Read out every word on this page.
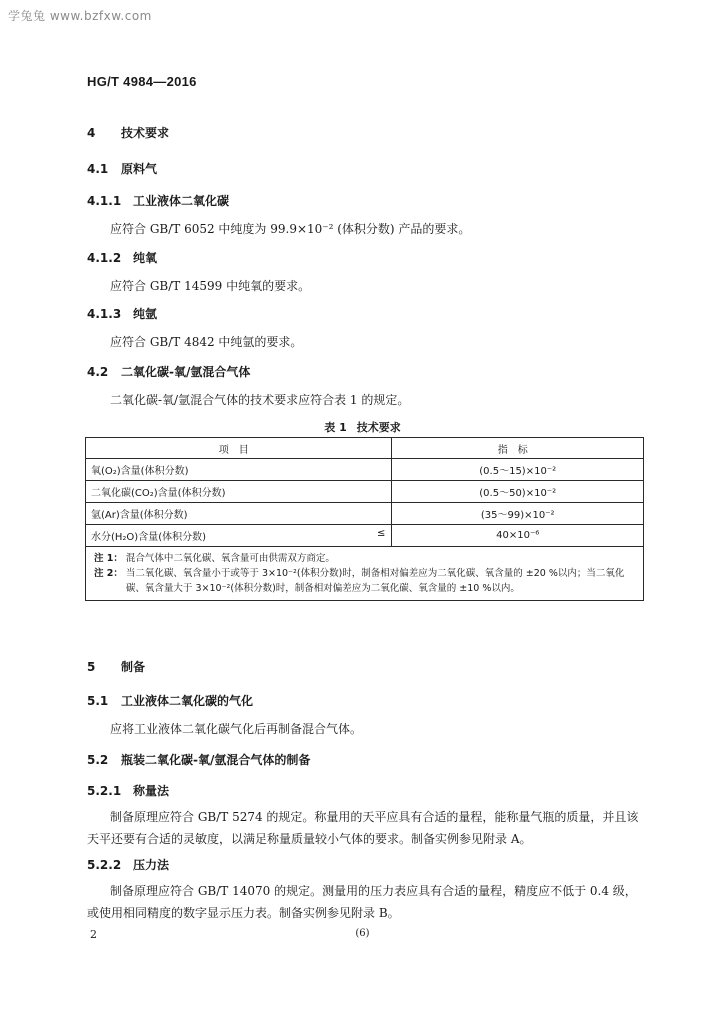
学兔兔 www.bzfxw.com
HG/T 4984—2016
4 技术要求
4.1 原料气
4.1.1 工业液体二氧化碳
应符合 GB/T 6052 中纯度为 99.9×10⁻² (体积分数) 产品的要求。
4.1.2 纯氧
应符合 GB/T 14599 中纯氧的要求。
4.1.3 纯氩
应符合 GB/T 4842 中纯氩的要求。
4.2 二氧化碳-氧/氩混合气体
二氧化碳-氧/氩混合气体的技术要求应符合表 1 的规定。
表 1 技术要求
项目	指标
氧(O₂)含量(体积分数)	(0.5～15)×10⁻²
二氧化碳(CO₂)含量(体积分数)	(0.5～50)×10⁻²
氩(Ar)含量(体积分数)	(35～99)×10⁻²
水分(H₂O)含量(体积分数) ≤	40×10⁻⁶

注 1： 混合气体中二氧化碳、氧含量可由供需双方商定。
注 2： 当二氧化碳、氧含量小于或等于 3×10⁻²(体积分数)时，制备相对偏差应为二氧化碳、氧含量的 ±20 %以内；当二氧化碳、氧含量大于 3×10⁻²(体积分数)时，制备相对偏差应为二氧化碳、氧含量的 ±10 %以内。	
5 制备
5.1 工业液体二氧化碳的气化
应将工业液体二氧化碳气化后再制备混合气体。
5.2 瓶装二氧化碳-氧/氩混合气体的制备
5.2.1 称量法
制备原理应符合 GB/T 5274 的规定。称量用的天平应具有合适的量程，能称量气瓶的质量，并且该天平还要有合适的灵敏度，以满足称量质量较小气体的要求。制备实例参见附录 A。
5.2.2 压力法
制备原理应符合 GB/T 14070 的规定。测量用的压力表应具有合适的量程，精度应不低于 0.4 级，或使用相同精度的数字显示压力表。制备实例参见附录 B。
2	(6)
